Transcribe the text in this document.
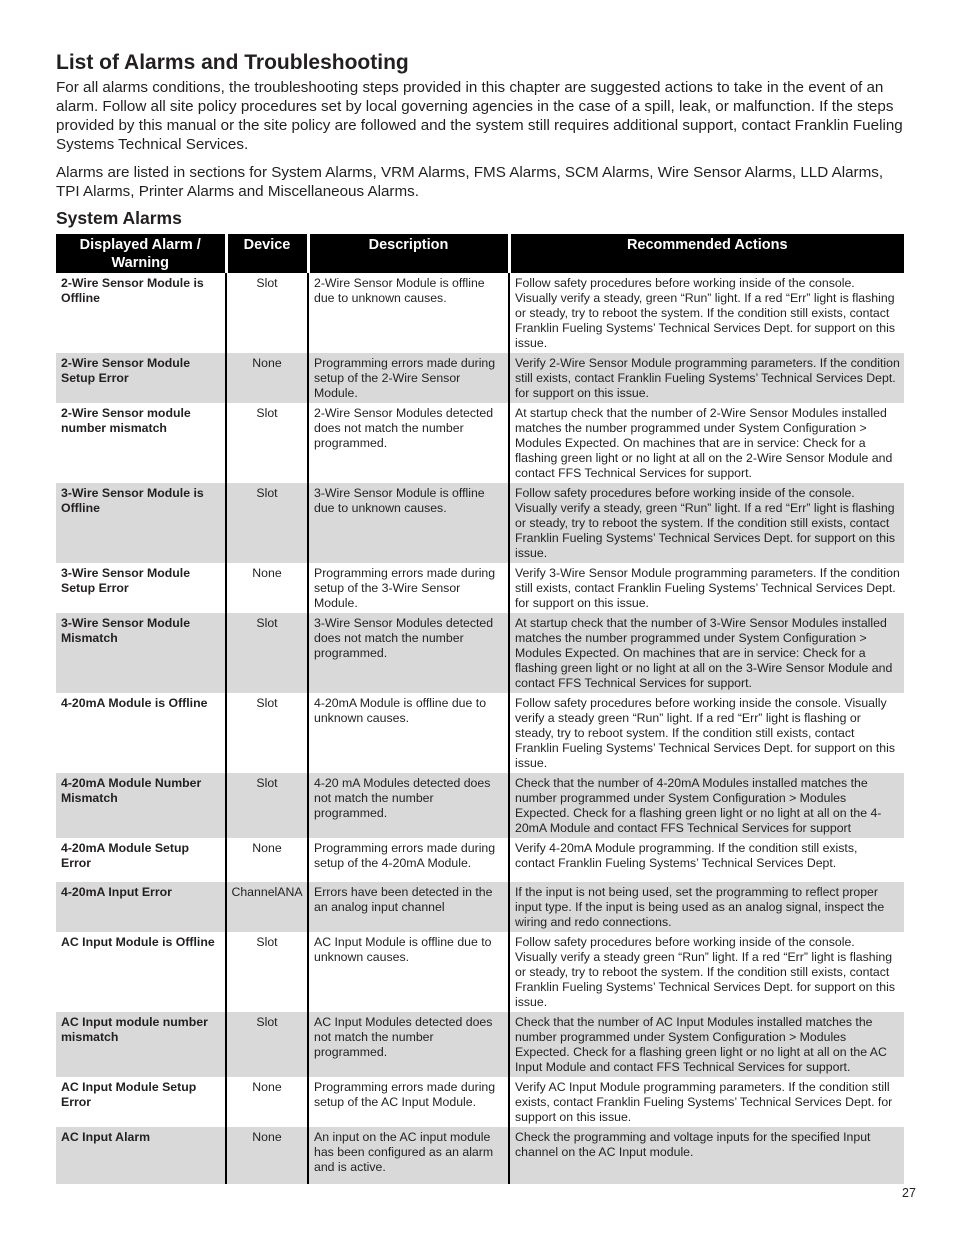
List of Alarms and Troubleshooting

For all alarms conditions, the troubleshooting steps provided in this chapter are suggested actions to take in the event of an alarm. Follow all site policy procedures set by local governing agencies in the case of a spill, leak, or malfunction. If the steps provided by this manual or the site policy are followed and the system still requires additional support, contact Franklin Fueling Systems Technical Services.

Alarms are listed in sections for System Alarms, VRM Alarms, FMS Alarms, SCM Alarms, Wire Sensor Alarms, LLD Alarms, TPI Alarms, Printer Alarms and Miscellaneous Alarms.

System Alarms
Displayed Alarm / Warning	Device	Description	Recommended Actions
2-Wire Sensor Module is Offline	Slot	2-Wire Sensor Module is offline due to unknown causes.	Follow safety procedures before working inside of the console. Visually verify a steady, green “Run” light. If a red “Err” light is flashing or steady, try to reboot the system. If the condition still exists, contact Franklin Fueling Systems’ Technical Services Dept. for support on this issue.
2-Wire Sensor Module Setup Error	None	Programming errors made during setup of the 2-Wire Sensor Module.	Verify 2-Wire Sensor Module programming parameters. If the condition still exists, contact Franklin Fueling Systems’ Technical Services Dept. for support on this issue.
2-Wire Sensor module number mismatch	Slot	2-Wire Sensor Modules detected does not match the number programmed.	At startup check that the number of 2-Wire Sensor Modules installed matches the number programmed under System Configuration > Modules Expected. On machines that are in service: Check for a flashing green light or no light at all on the 2-Wire Sensor Module and contact FFS Technical Services for support.
3-Wire Sensor Module is Offline	Slot	3-Wire Sensor Module is offline due to unknown causes.	Follow safety procedures before working inside of the console. Visually verify a steady, green “Run” light. If a red “Err” light is flashing or steady, try to reboot the system. If the condition still exists, contact Franklin Fueling Systems’ Technical Services Dept. for support on this issue.
3-Wire Sensor Module Setup Error	None	Programming errors made during setup of the 3-Wire Sensor Module.	Verify 3-Wire Sensor Module programming parameters. If the condition still exists, contact Franklin Fueling Systems’ Technical Services Dept. for support on this issue.
3-Wire Sensor Module Mismatch	Slot	3-Wire Sensor Modules detected does not match the number programmed.	At startup check that the number of 3-Wire Sensor Modules installed matches the number programmed under System Configuration > Modules Expected. On machines that are in service: Check for a flashing green light or no light at all on the 3-Wire Sensor Module and contact FFS Technical Services for support.
4-20mA Module is Offline	Slot	4-20mA Module is offline due to unknown causes.	Follow safety procedures before working inside the console. Visually verify a steady green “Run” light. If a red “Err” light is flashing or steady, try to reboot system. If the condition still exists, contact Franklin Fueling Systems’ Technical Services Dept. for support on this issue.
4-20mA Module Number Mismatch	Slot	4-20 mA Modules detected does not match the number programmed.	Check that the number of 4-20mA Modules installed matches the number programmed under System Configuration > Modules Expected. Check for a flashing green light or no light at all on the 4-20mA Module and contact FFS Technical Services for support
4-20mA Module Setup Error	None	Programming errors made during setup of the 4-20mA Module.	Verify 4-20mA Module programming. If the condition still exists, contact Franklin Fueling Systems’ Technical Services Dept.
4-20mA Input Error	ChannelANA	Errors have been detected in the an analog input channel	If the input is not being used, set the programming to reflect proper input type. If the input is being used as an analog signal, inspect the wiring and redo connections.
AC Input Module is Offline	Slot	AC Input Module is offline due to unknown causes.	Follow safety procedures before working inside of the console. Visually verify a steady green “Run” light. If a red “Err” light is flashing or steady, try to reboot the system. If the condition still exists, contact Franklin Fueling Systems’ Technical Services Dept. for support on this issue.
AC Input module number mismatch	Slot	AC Input Modules detected does not match the number programmed.	Check that the number of AC Input Modules installed matches the number programmed under System Configuration > Modules Expected. Check for a flashing green light or no light at all on the AC Input Module and contact FFS Technical Services for support.
AC Input Module Setup Error	None	Programming errors made during setup of the AC Input Module.	Verify AC Input Module programming parameters. If the condition still exists, contact Franklin Fueling Systems’ Technical Services Dept. for support on this issue.
AC Input Alarm	None	An input on the AC input module has been configured as an alarm and is active.	Check the programming and voltage inputs for the specified Input channel on the AC Input module.
27
